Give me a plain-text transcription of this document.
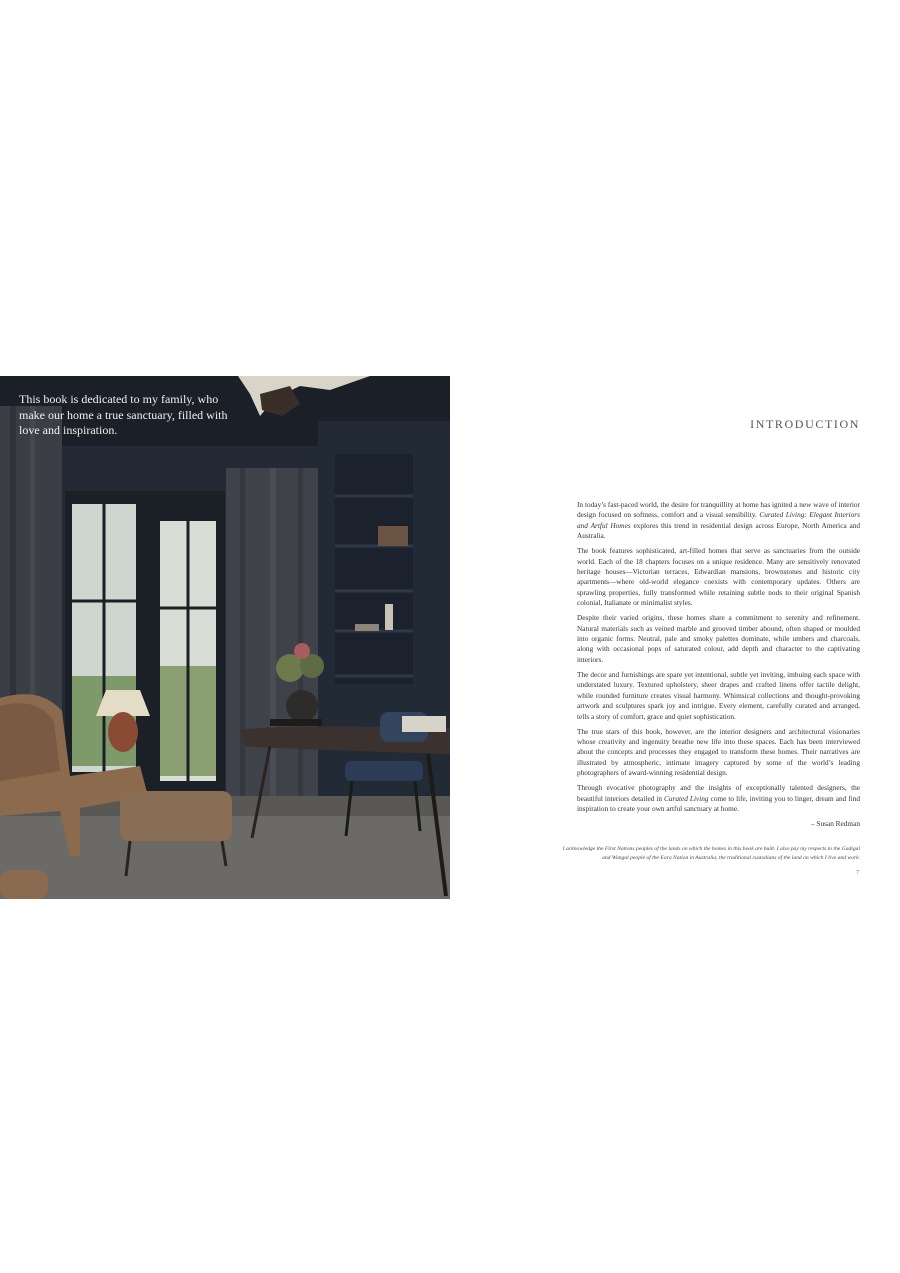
This book is dedicated to my family, who make our home a true sanctuary, filled with love and inspiration.	INTRODUCTION

In today’s fast-paced world, the desire for tranquillity at home has ignited a new wave of interior design focused on softness, comfort and a visual sensibility. Curated Living: Elegant Interiors and Artful Homes explores this trend in residential design across Europe, North America and Australia.

The book features sophisticated, art-filled homes that serve as sanctuaries from the outside world. Each of the 18 chapters focuses on a unique residence. Many are sensitively renovated heritage houses—Victorian terraces, Edwardian mansions, brownstones and historic city apartments—where old-world elegance coexists with contemporary updates. Others are sprawling properties, fully transformed while retaining subtle nods to their original Spanish colonial, Italianate or minimalist styles.

Despite their varied origins, these homes share a commitment to serenity and refinement. Natural materials such as veined marble and grooved timber abound, often shaped or moulded into organic forms. Neutral, pale and smoky palettes dominate, while umbers and charcoals, along with occasional pops of saturated colour, add depth and character to the captivating interiors.

The decor and furnishings are spare yet intentional, subtle yet inviting, imbuing each space with understated luxury. Textured upholstery, sheer drapes and crafted linens offer tactile delight, while rounded furniture creates visual harmony. Whimsical collections and thought-provoking artwork and sculptures spark joy and intrigue. Every element, carefully curated and arranged, tells a story of comfort, grace and quiet sophistication.

The true stars of this book, however, are the interior designers and architectural visionaries whose creativity and ingenuity breathe new life into these spaces. Each has been interviewed about the concepts and processes they engaged to transform these homes. Their narratives are illustrated by atmospheric, intimate imagery captured by some of the world’s leading photographers of award-winning residential design.

Through evocative photography and the insights of exceptionally talented designers, the beautiful interiors detailed in Curated Living come to life, inviting you to linger, dream and find inspiration to create your own artful sanctuary at home.

– Susan Redman

I acknowledge the First Nations peoples of the lands on which the homes in this book are built. I also pay my respects to the Gadigal and Wangal people of the Eora Nation in Australia, the traditional custodians of the land on which I live and work.

7
